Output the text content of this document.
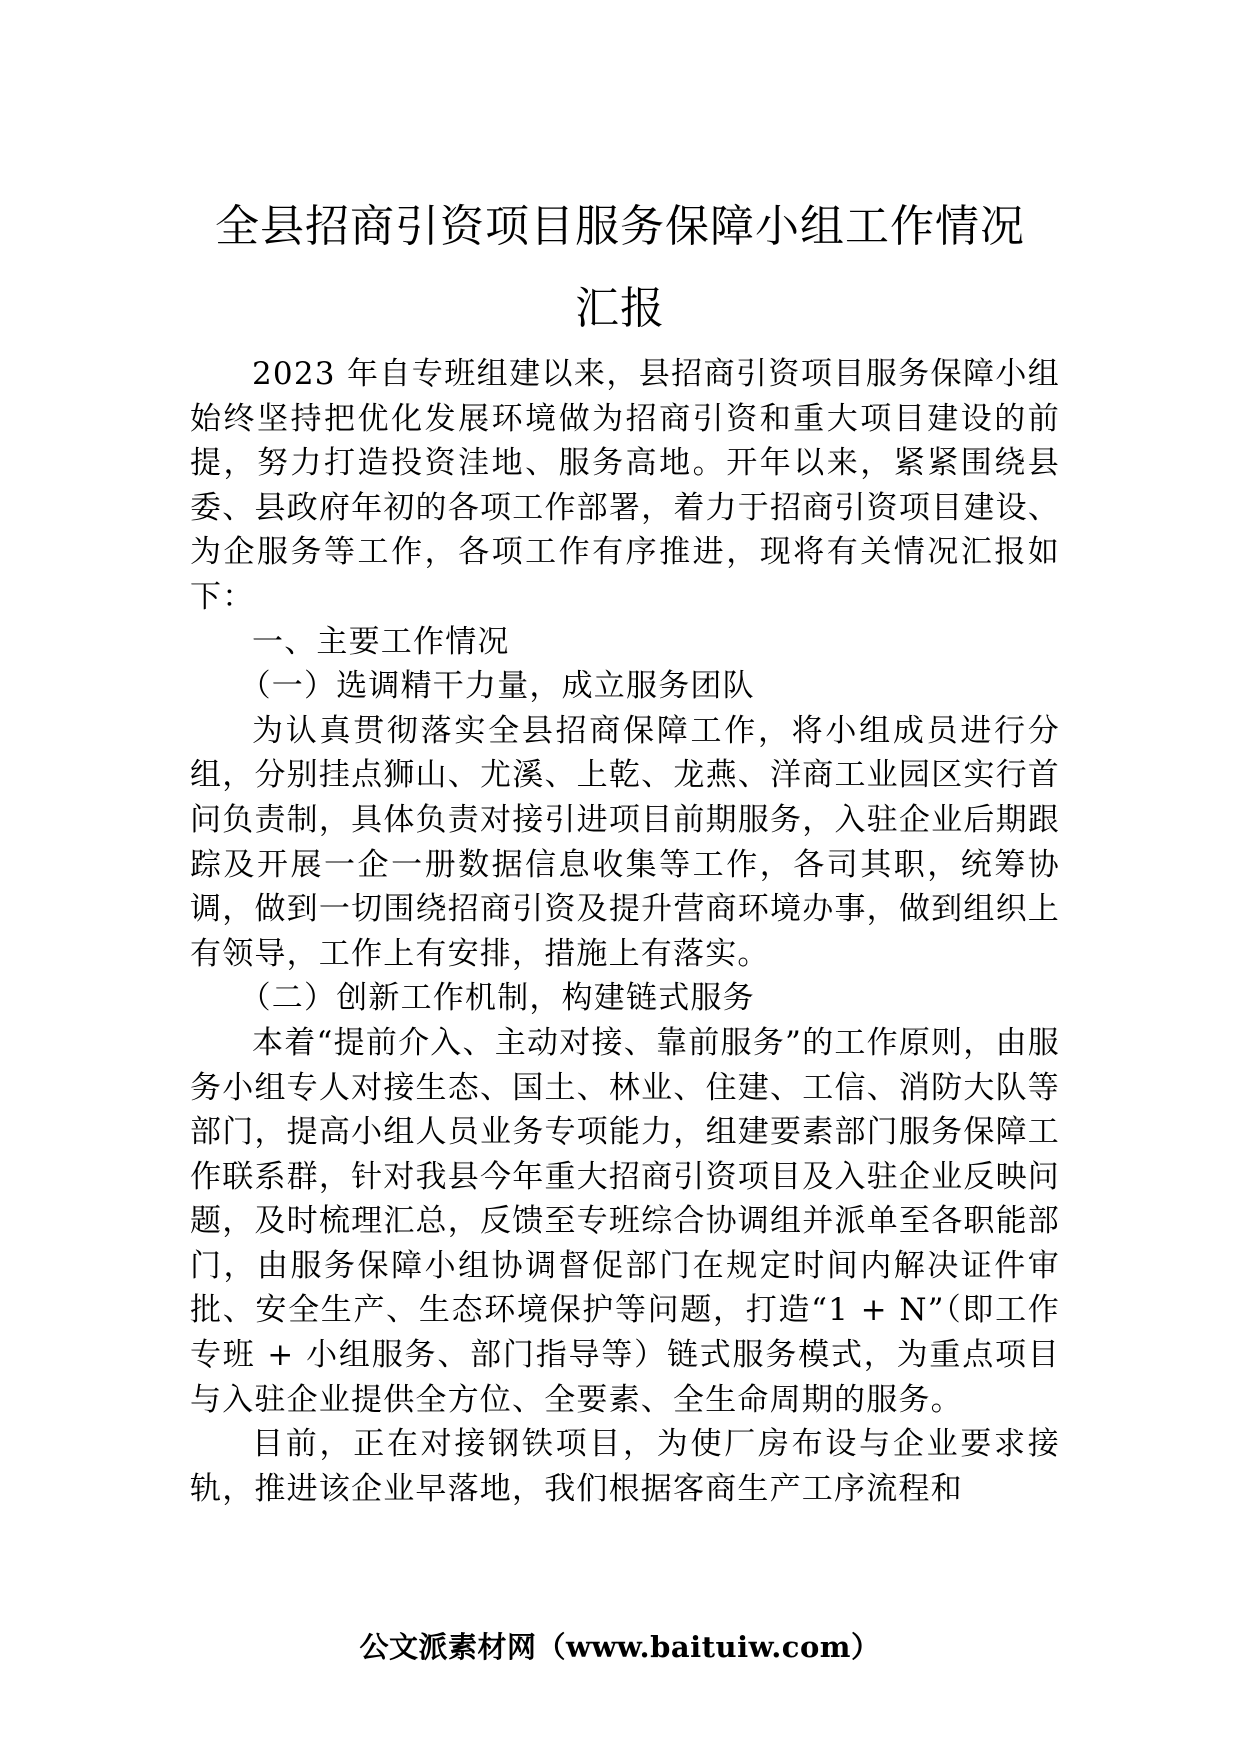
全县招商引资项目服务保障小组工作情况
汇报

2023 年自专班组建以来，县招商引资项目服务保障小组始终坚持把优化发展环境做为招商引资和重大项目建设的前提，努力打造投资洼地、服务高地。开年以来，紧紧围绕县委、县政府年初的各项工作部署，着力于招商引资项目建设、为企服务等工作，各项工作有序推进，现将有关情况汇报如下：

一、主要工作情况

（一）选调精干力量，成立服务团队

为认真贯彻落实全县招商保障工作，将小组成员进行分组，分别挂点狮山、尤溪、上乾、龙燕、洋商工业园区实行首问负责制，具体负责对接引进项目前期服务，入驻企业后期跟踪及开展一企一册数据信息收集等工作，各司其职，统筹协调，做到一切围绕招商引资及提升营商环境办事，做到组织上有领导，工作上有安排，措施上有落实。

（二）创新工作机制，构建链式服务

本着“提前介入、主动对接、靠前服务”的工作原则，由服务小组专人对接生态、国土、林业、住建、工信、消防大队等部门，提高小组人员业务专项能力，组建要素部门服务保障工作联系群，针对我县今年重大招商引资项目及入驻企业反映问题，及时梳理汇总，反馈至专班综合协调组并派单至各职能部门，由服务保障小组协调督促部门在规定时间内解决证件审批、安全生产、生态环境保护等问题，打造“1 + N”（即工作专班 + 小组服务、部门指导等）链式服务模式，为重点项目与入驻企业提供全方位、全要素、全生命周期的服务。

目前，正在对接钢铁项目，为使厂房布设与企业要求接轨，推进该企业早落地，我们根据客商生产工序流程和

公文派素材网（www.baituiw.com）
